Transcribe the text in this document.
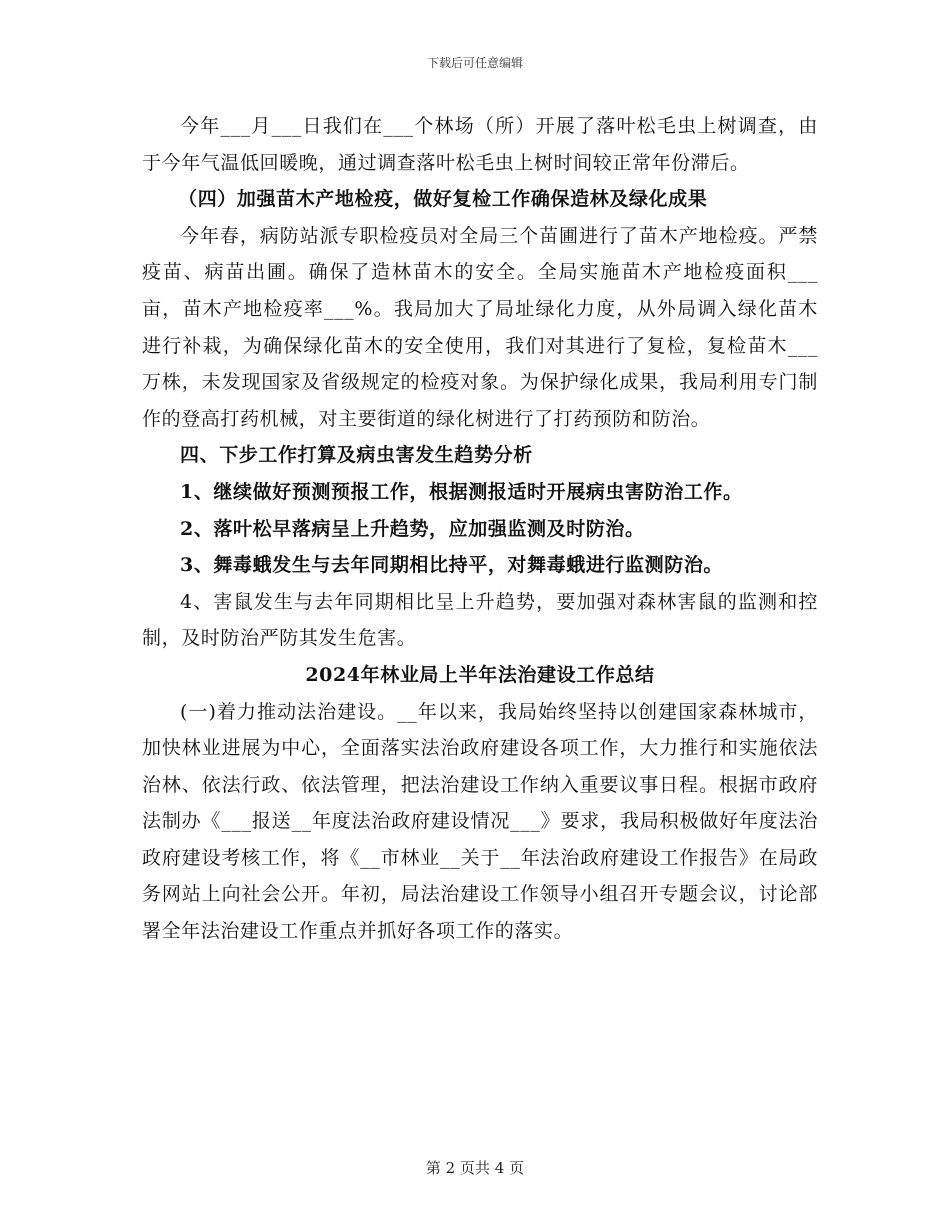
下载后可任意编辑

今年___月___日我们在___个林场（所）开展了落叶松毛虫上树调查，由于今年气温低回暖晚，通过调查落叶松毛虫上树时间较正常年份滞后。

（四）加强苗木产地检疫，做好复检工作确保造林及绿化成果

今年春，病防站派专职检疫员对全局三个苗圃进行了苗木产地检疫。严禁疫苗、病苗出圃。确保了造林苗木的安全。全局实施苗木产地检疫面积___亩，苗木产地检疫率___%。我局加大了局址绿化力度，从外局调入绿化苗木进行补栽，为确保绿化苗木的安全使用，我们对其进行了复检，复检苗木___万株，未发现国家及省级规定的检疫对象。为保护绿化成果，我局利用专门制作的登高打药机械，对主要街道的绿化树进行了打药预防和防治。

四、下步工作打算及病虫害发生趋势分析

1、继续做好预测预报工作，根据测报适时开展病虫害防治工作。

2、落叶松早落病呈上升趋势，应加强监测及时防治。

3、舞毒蛾发生与去年同期相比持平，对舞毒蛾进行监测防治。

4、害鼠发生与去年同期相比呈上升趋势，要加强对森林害鼠的监测和控制，及时防治严防其发生危害。

2024年林业局上半年法治建设工作总结

(一)着力推动法治建设。__年以来，我局始终坚持以创建国家森林城市，加快林业进展为中心，全面落实法治政府建设各项工作，大力推行和实施依法治林、依法行政、依法管理，把法治建设工作纳入重要议事日程。根据市政府法制办《___报送__年度法治政府建设情况___》要求，我局积极做好年度法治政府建设考核工作，将《__市林业__关于__年法治政府建设工作报告》在局政务网站上向社会公开。年初，局法治建设工作领导小组召开专题会议，讨论部署全年法治建设工作重点并抓好各项工作的落实。

第 2 页共 4 页
